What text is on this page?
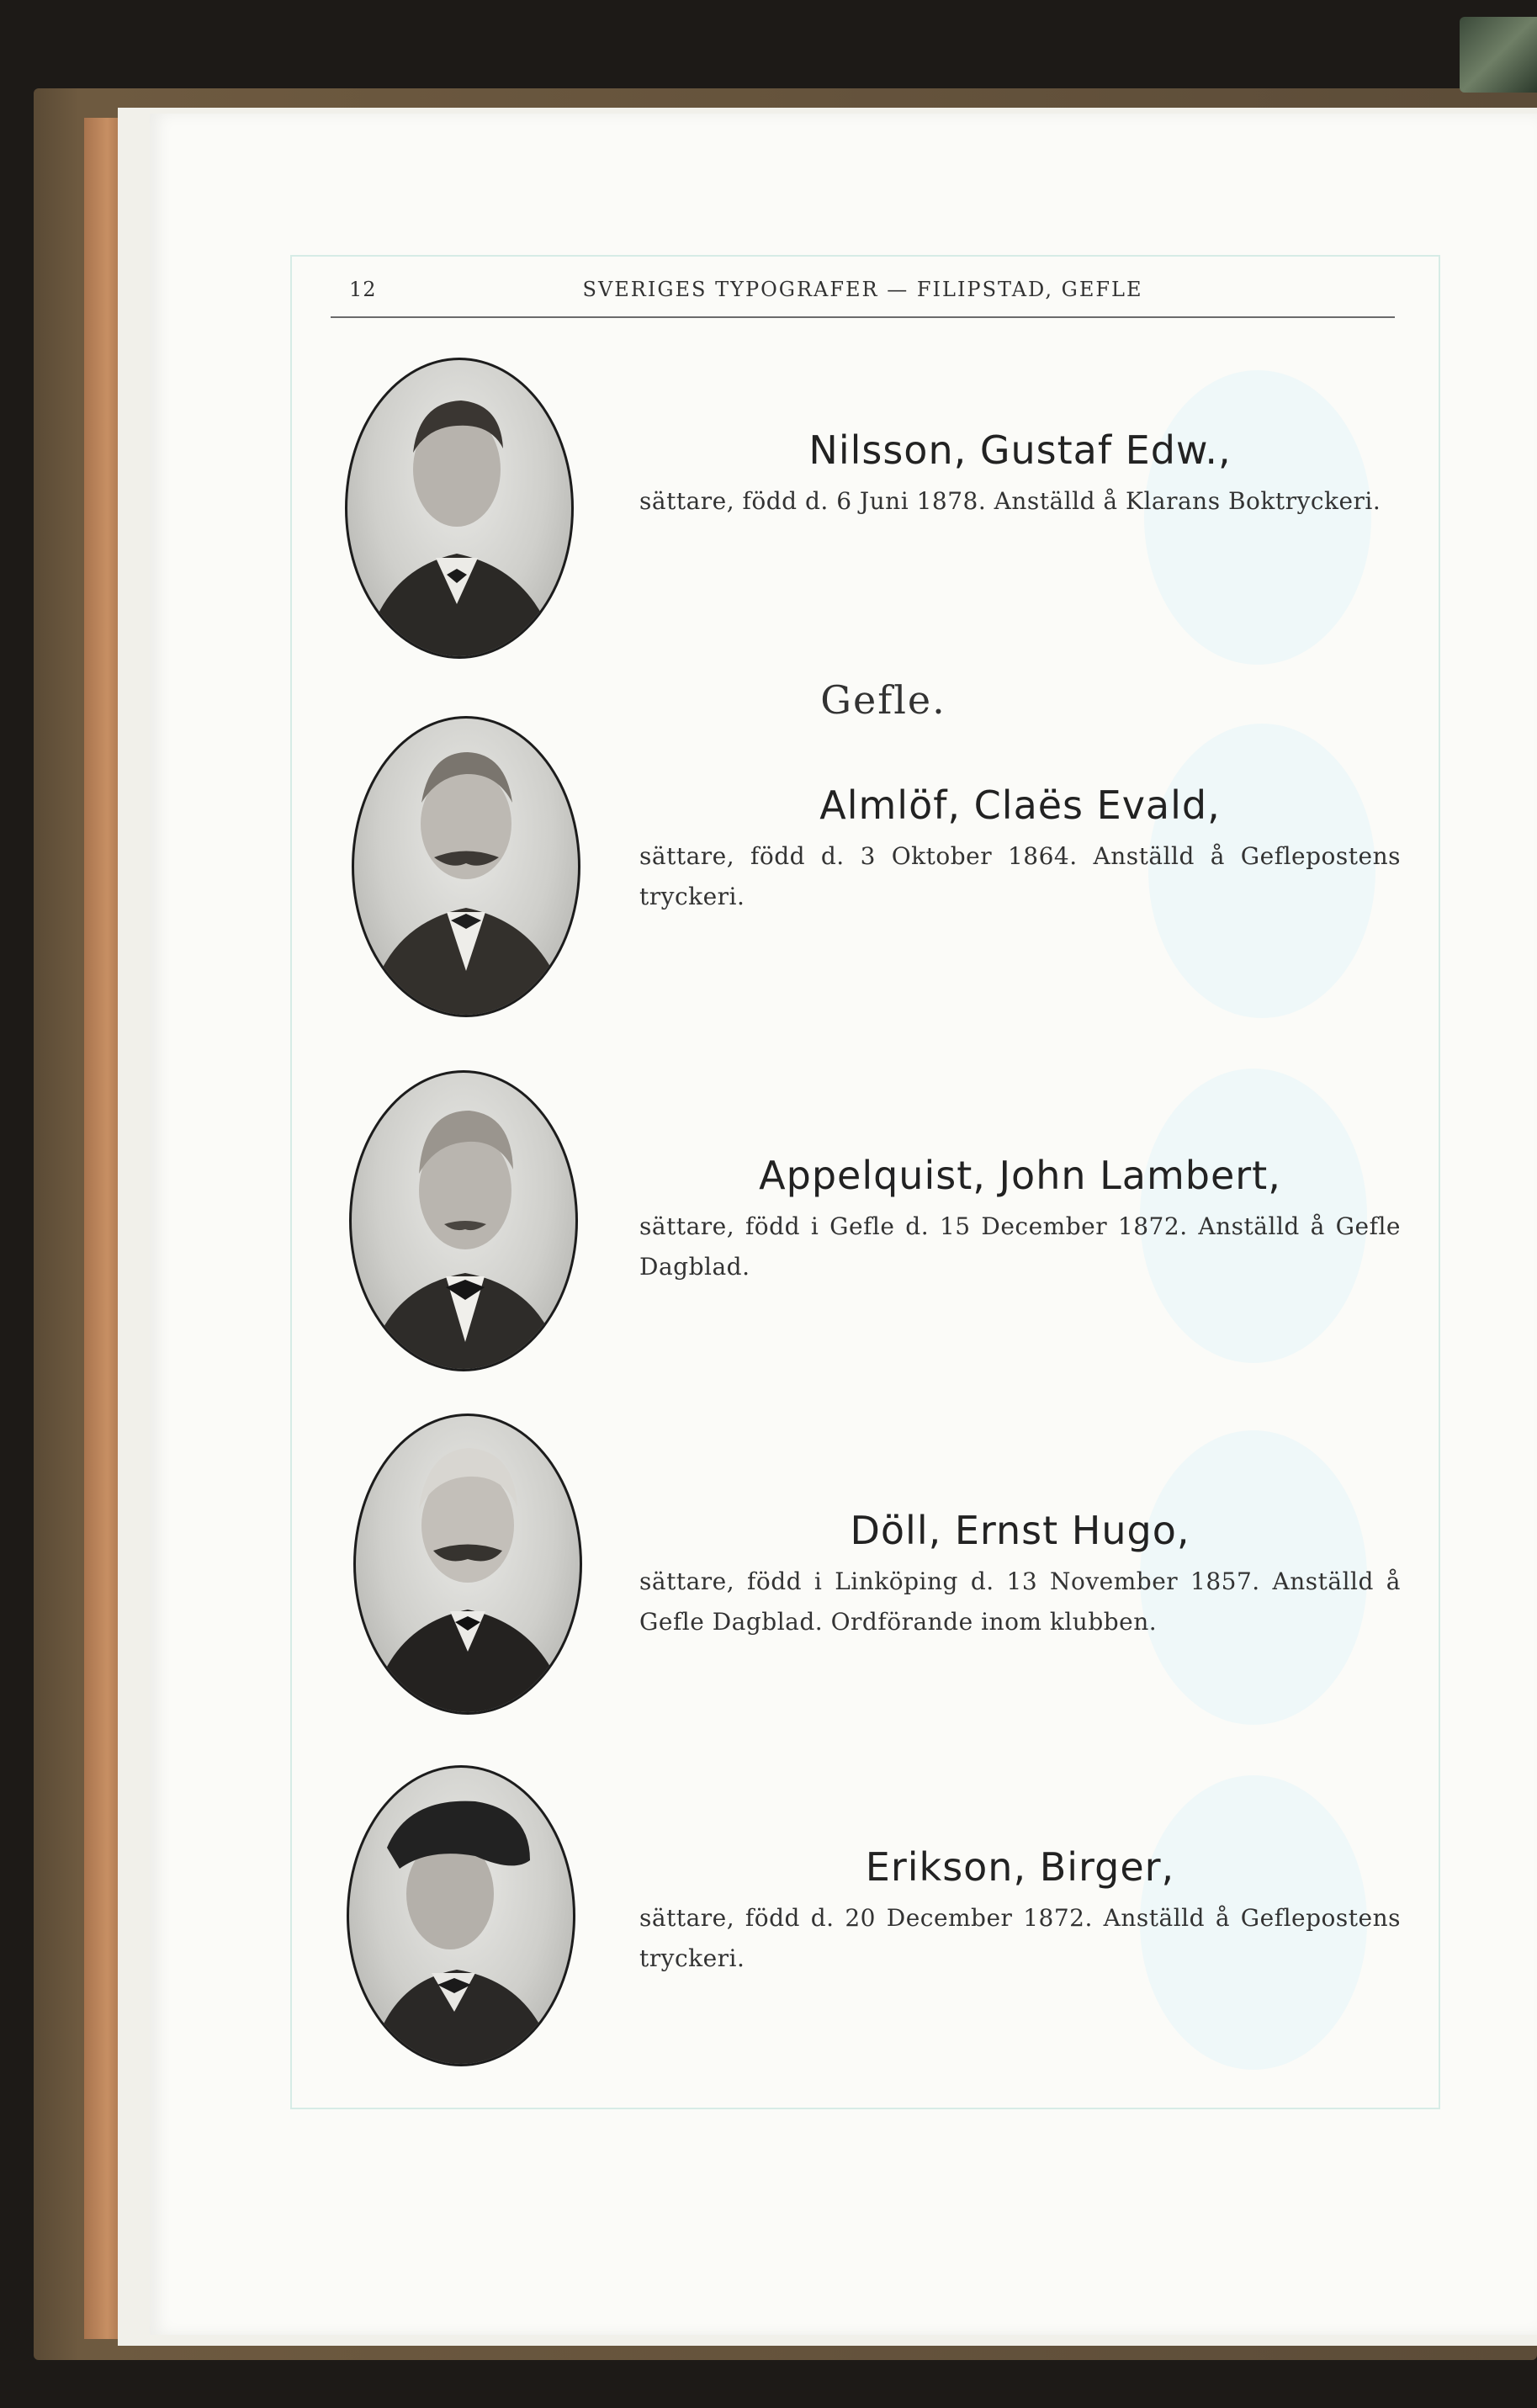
12	SVERIGES TYPOGRAFER — FILIPSTAD, GEFLE
Nilsson, Gustaf Edw.,

sättare, född d. 6 Juni 1878. Anställd å Klarans Boktryckeri.

Gefle.
Almlöf, Claës Evald,

sättare, född d. 3 Oktober 1864. Anställd å Geflepostens tryckeri.

Appelquist, John Lambert,

sättare, född i Gefle d. 15 December 1872. Anställd å Gefle Dagblad.

Döll, Ernst Hugo,

sättare, född i Linköping d. 13 November 1857. Anställd å Gefle Dagblad. Ordförande inom klubben.

Erikson, Birger,

sättare, född d. 20 December 1872. Anställd å Geflepostens tryckeri.
